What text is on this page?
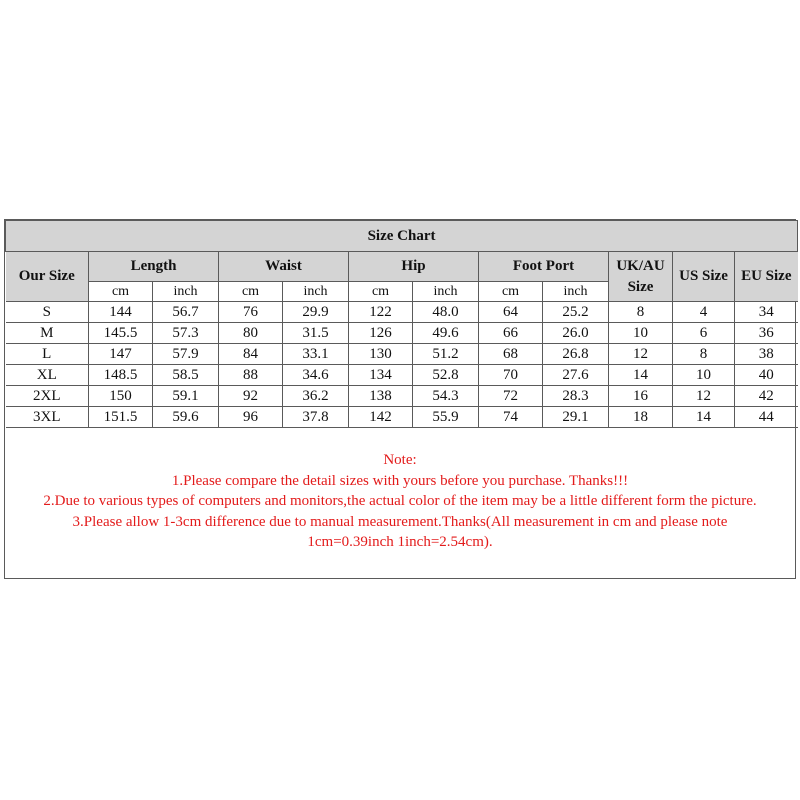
Size Chart											
Our Size	Length		Waist		Hip		Foot Port		UK/AU Size	US Size	EU Size
	cm	inch	cm	inch	cm	inch	cm	inch			
S	144	56.7	76	29.9	122	48.0	64	25.2	8	4	34
M	145.5	57.3	80	31.5	126	49.6	66	26.0	10	6	36
L	147	57.9	84	33.1	130	51.2	68	26.8	12	8	38
XL	148.5	58.5	88	34.6	134	52.8	70	27.6	14	10	40
2XL	150	59.1	92	36.2	138	54.3	72	28.3	16	12	42
3XL	151.5	59.6	96	37.8	142	55.9	74	29.1	18	14	44
Note:
1.Please compare the detail sizes with yours before you purchase. Thanks!!!
2.Due to various types of computers and monitors,the actual color of the item may be a little different form the picture.
3.Please allow 1-3cm difference due to manual measurement.Thanks(All measurement in cm and please note
1cm=0.39inch 1inch=2.54cm).
